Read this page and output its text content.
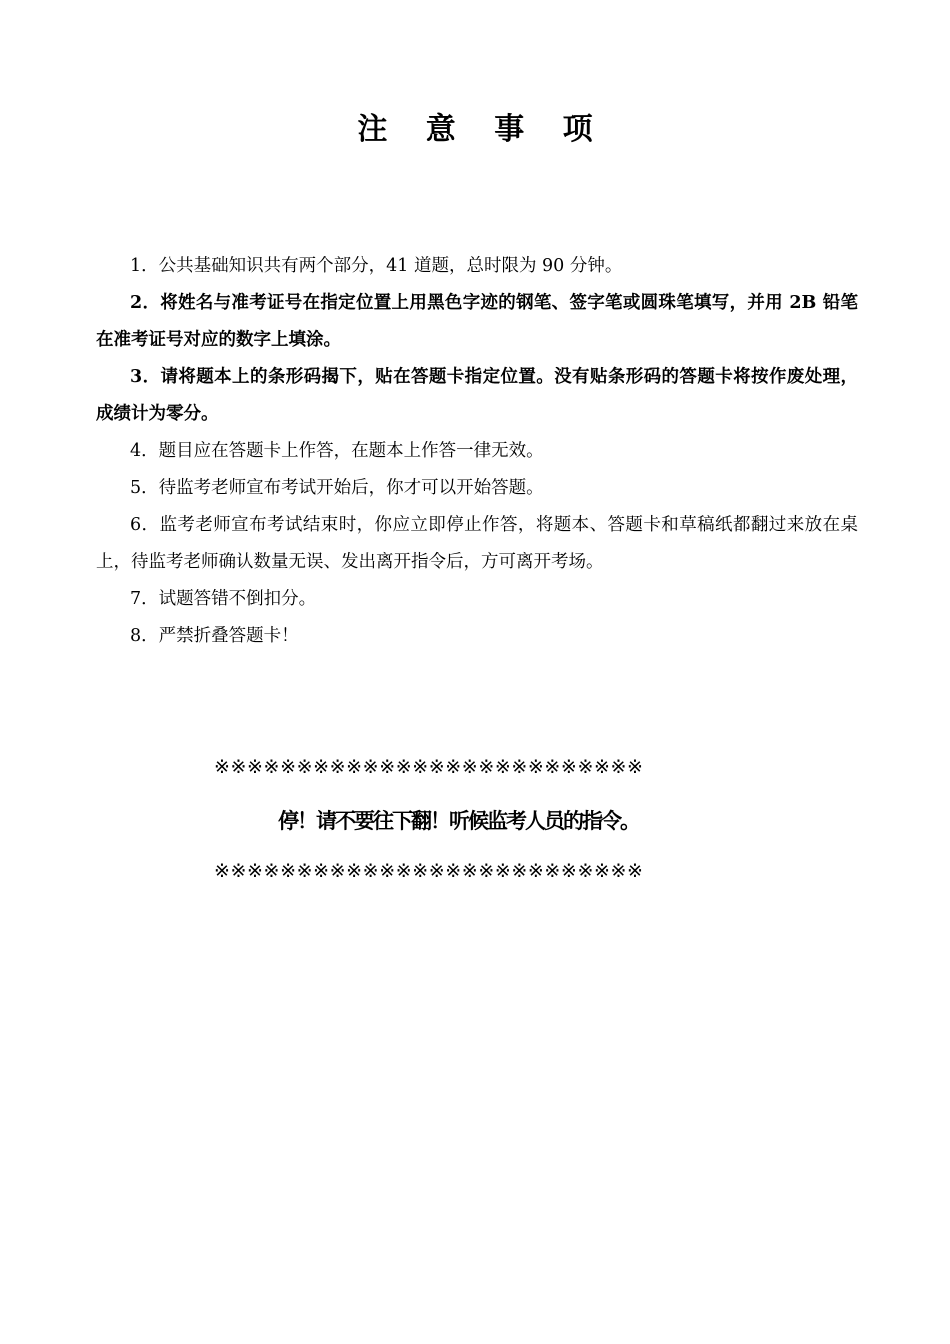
注 意 事 项

1．公共基础知识共有两个部分，41 道题，总时限为 90 分钟。

2．将姓名与准考证号在指定位置上用黑色字迹的钢笔、签字笔或圆珠笔填写，并用 2B 铅笔在准考证号对应的数字上填涂。

3．请将题本上的条形码揭下，贴在答题卡指定位置。没有贴条形码的答题卡将按作废处理，成绩计为零分。

4．题目应在答题卡上作答，在题本上作答一律无效。

5．待监考老师宣布考试开始后，你才可以开始答题。

6．监考老师宣布考试结束时，你应立即停止作答，将题本、答题卡和草稿纸都翻过来放在桌上，待监考老师确认数量无误、发出离开指令后，方可离开考场。

7．试题答错不倒扣分。

8．严禁折叠答题卡！

※※※※※※※※※※※※※※※※※※※※※※※※※※
停！请不要往下翻！听候监考人员的指令。
※※※※※※※※※※※※※※※※※※※※※※※※※※
